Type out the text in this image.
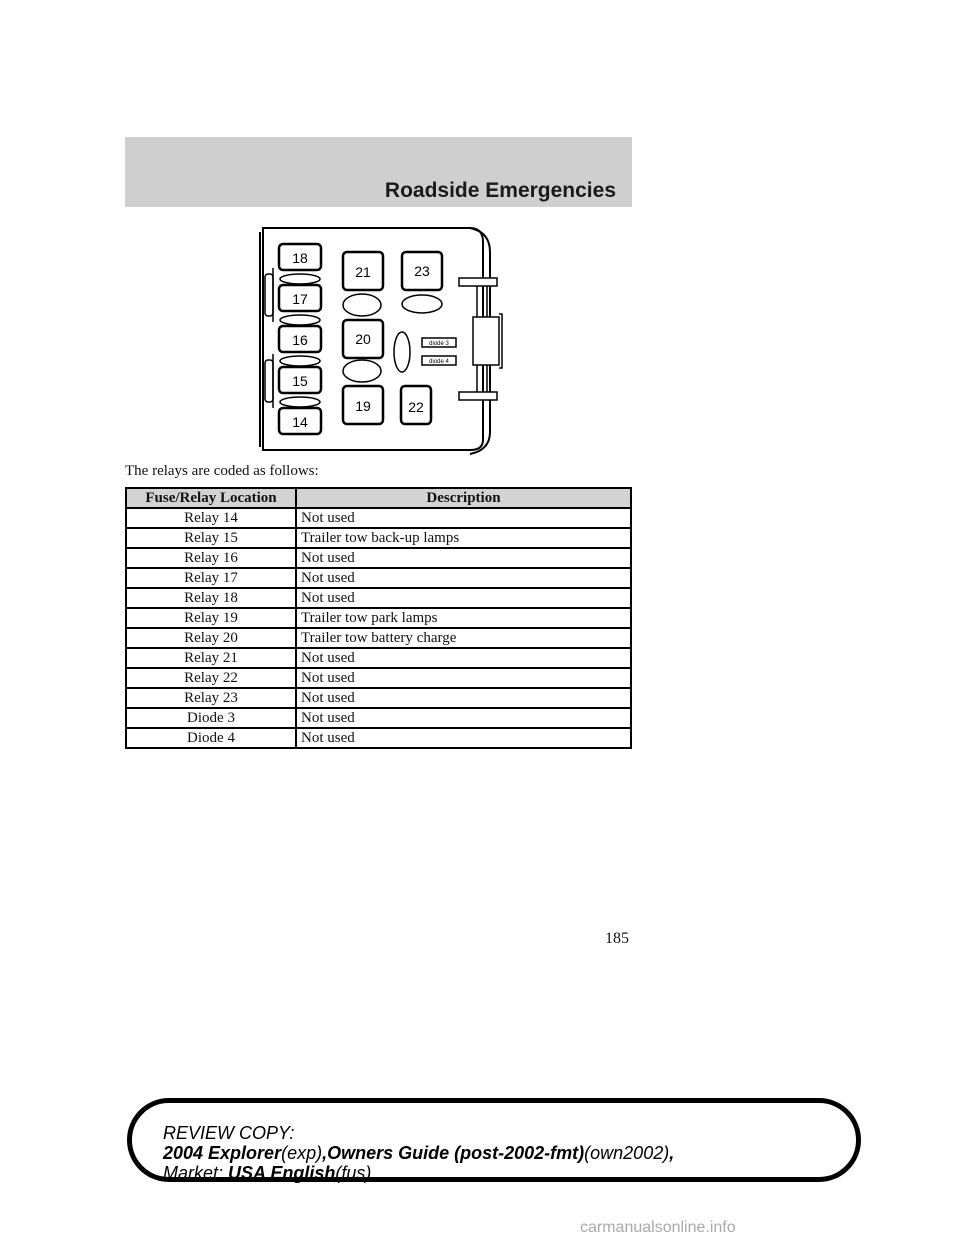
Roadside Emergencies
18
17
16
15
14
21
20
19
23
diode 3
diode 4
22
The relays are coded as follows:
Fuse/Relay Location	Description
Relay 14	Not used
Relay 15	Trailer tow back-up lamps
Relay 16	Not used
Relay 17	Not used
Relay 18	Not used
Relay 19	Trailer tow park lamps
Relay 20	Trailer tow battery charge
Relay 21	Not used
Relay 22	Not used
Relay 23	Not used
Diode 3	Not used
Diode 4	Not used
185
REVIEW COPY:
2004 Explorer(exp),Owners Guide (post-2002-fmt)(own2002),
Market: USA English(fus)
carmanualsonline.info
